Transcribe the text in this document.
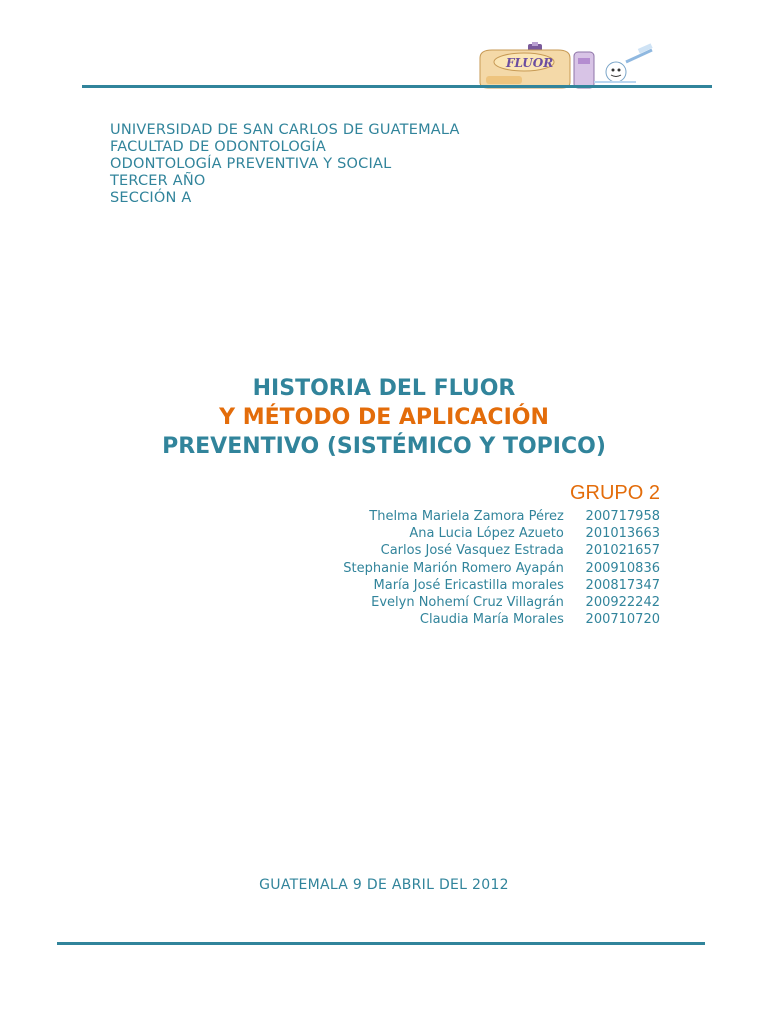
FLUOR
UNIVERSIDAD DE SAN CARLOS DE GUATEMALA
FACULTAD DE ODONTOLOGÍA
ODONTOLOGÍA PREVENTIVA Y SOCIAL
TERCER AÑO
SECCIÓN A
HISTORIA DEL FLUOR
Y MÉTODO DE APLICACIÓN
PREVENTIVO (SISTÉMICO Y TOPICO)
GRUPO 2
Thelma Mariela Zamora Pérez 200717958
Ana Lucia López Azueto 201013663
Carlos José Vasquez Estrada 201021657
Stephanie Marión Romero Ayapán 200910836
María José Ericastilla morales 200817347
Evelyn Nohemí Cruz Villagrán 200922242
Claudia María Morales 200710720
GUATEMALA 9 DE ABRIL DEL 2012
